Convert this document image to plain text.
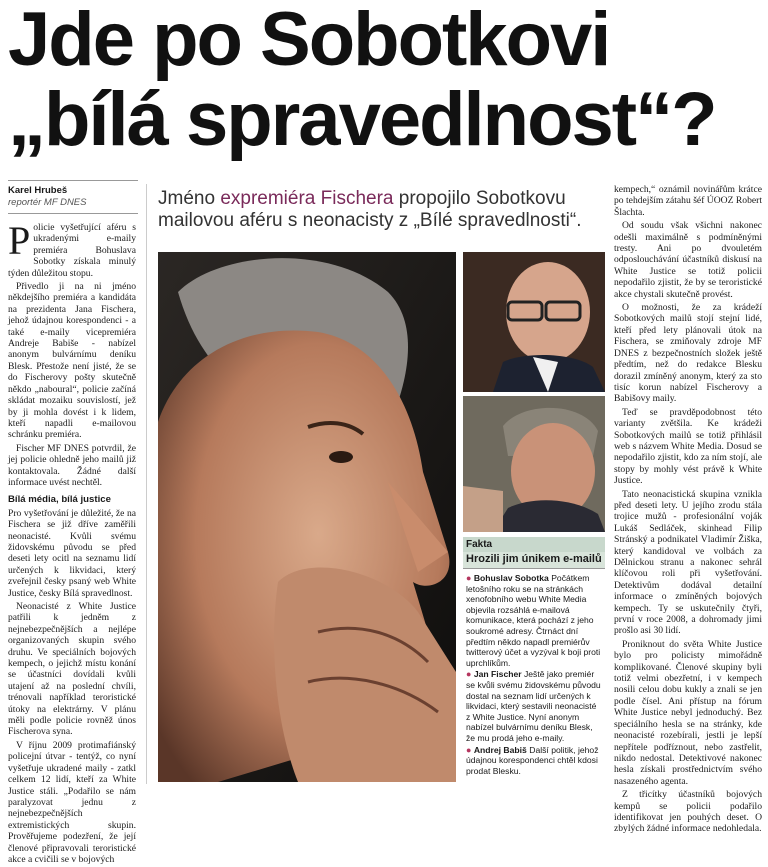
Jde po Sobotkovi
„bílá spravedlnost“?
Karel Hrubeš
reportér MF DNES

Policie vyšetřující aféru s ukradenými e-maily premiéra Bohuslava Sobotky získala minulý týden důležitou stopu.

Přivedlo ji na ni jméno někdejšího premiéra a kandidáta na prezidenta Jana Fischera, jehož údajnou korespondenci - a také e-maily vicepremiéra Andreje Babiše - nabízel anonym bulvárnímu deníku Blesk. Přestože není jisté, že se do Fischerovy pošty skutečně někdo „naboural“, policie začíná skládat mozaiku souvislostí, jež by ji mohla dovést i k lidem, kteří napadli e-mailovou schránku premiéra.

Fischer MF DNES potvrdil, že jej policie ohledně jeho mailů již kontaktovala. Žádné další informace uvést nechtěl.

Bílá média, bílá justice

Pro vyšetřování je důležité, že na Fischera se již dříve zaměřili neonacisté. Kvůli svému židovskému původu se před deseti lety ocitl na seznamu lidí určených k likvidaci, který zveřejnil česky psaný web White Justice, česky Bílá spravedlnost.

Neonacisté z White Justice patřili k jedněm z nejnebezpečnějších a nejlépe organizovaných skupin svého druhu. Ve speciálních bojových kempech, o jejichž místu konání se účastníci dovídali kvůli utajení až na poslední chvíli, trénovali například teroristické útoky na elektrárny. V plánu měli podle policie rovněž únos Fischerova syna.

V říjnu 2009 protimafiánský policejní útvar - tentýž, co nyní vyšetřuje ukradené maily - zatkl celkem 12 lidí, kteří za White Justice stáli. „Podařilo se nám paralyzovat jednu z nejnebezpečnějších extremistických skupin. Prověřujeme podezření, že její členové připravovali teroristické akce a cvičili se v bojových

Jméno expremiéra Fischera propojilo Sobotkovu mailovou aféru s neonacisty z „Bílé spravedlnosti“.
Fakta
Hrozili jim únikem e-mailů

● Bohuslav Sobotka Počátkem letošního roku se na stránkách xenofobního webu White Media objevila rozsáhlá e-mailová komunikace, která pochází z jeho soukromé adresy. Čtrnáct dní předtím někdo napadl premiérův twitterový účet a vyzýval k boji proti uprchlíkům.

● Jan Fischer Ještě jako premiér se kvůli svému židovskému původu dostal na seznam lidí určených k likvidaci, který sestavili neonacisté z White Justice. Nyní anonym nabízel bulvárnímu deníku Blesk, že mu prodá jeho e-maily.

● Andrej Babiš Další politik, jehož údajnou korespondenci chtěl kdosi prodat Blesku.

kempech,“ oznámil novinářům krátce po tehdejším zátahu šéf ÚOOZ Robert Šlachta.

Od soudu však všichni nakonec odešli maximálně s podmíněnými tresty. Ani po dvouletém odposlouchávání účastníků diskusí na White Justice se totiž policii nepodařilo zjistit, že by se teroristické akce chystali skutečně provést.

O možnosti, že za krádeží Sobotkových mailů stojí stejní lidé, kteří před lety plánovali útok na Fischera, se zmiňovaly zdroje MF DNES z bezpečnostních složek ještě předtím, než do redakce Blesku dorazil zmíněný anonym, který za sto tisíc korun nabízel Fischerovy a Babišovy maily.

Teď se pravděpodobnost této varianty zvětšila. Ke krádeži Sobotkových mailů se totiž přihlásil web s názvem White Media. Dosud se nepodařilo zjistit, kdo za ním stojí, ale stopy by mohly vést právě k White Justice.

Tato neonacistická skupina vznikla před deseti lety. U jejího zrodu stála trojice mužů - profesionální voják Lukáš Sedláček, skinhead Filip Stránský a podnikatel Vladimír Žiška, který kandidoval ve volbách za Dělnickou stranu a nakonec sehrál klíčovou roli při vyšetřování. Detektivům dodával detailní informace o zmíněných bojových kempech. Ty se uskutečnily čtyři, první v roce 2008, a dohromady jimi prošlo asi 30 lidí.

Proniknout do světa White Justice bylo pro policisty mimořádně komplikované. Členové skupiny byli totiž velmi obezřetní, i v kempech nosili celou dobu kukly a znali se jen podle čísel. Ani přístup na fórum White Justice nebyl jednoduchý. Bez speciálního hesla se na stránky, kde neonacisté rozebírali, jestli je lepší nepřítele podříznout, nebo zastřelit, nikdo nedostal. Detektivové nakonec hesla získali prostřednictvím svého nasazeného agenta.

Z třicítky účastníků bojových kempů se policii podařilo identifikovat jen pouhých deset. O zbylých žádné informace nedohledala.
